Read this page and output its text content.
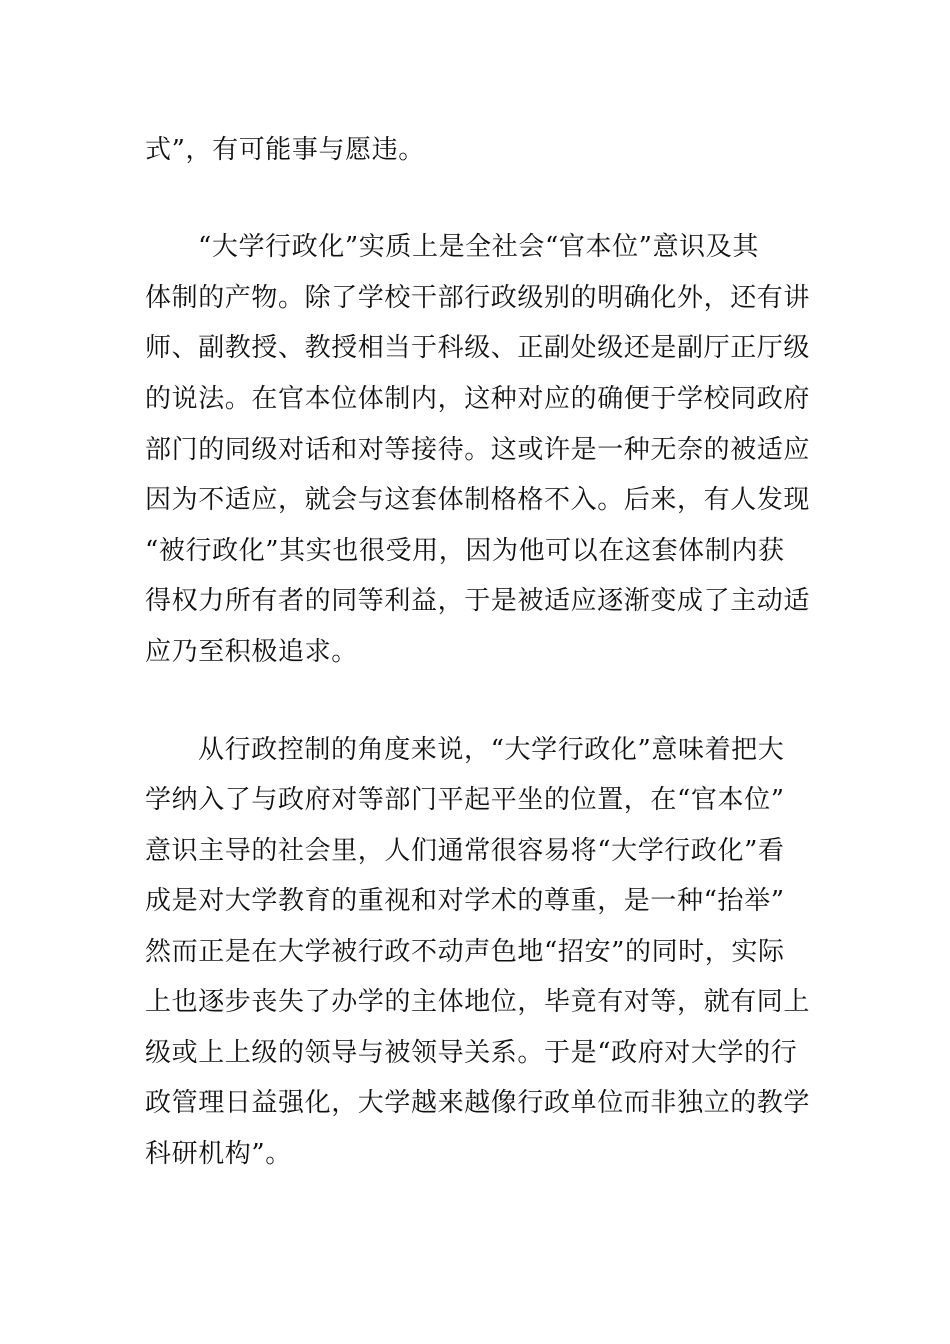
式”，有可能事与愿违。
“大学行政化”实质上是全社会“官本位”意识及其
体制的产物。除了学校干部行政级别的明确化外，还有讲
师、副教授、教授相当于科级、正副处级还是副厅正厅级
的说法。在官本位体制内，这种对应的确便于学校同政府
部门的同级对话和对等接待。这或许是一种无奈的被适应
因为不适应，就会与这套体制格格不入。后来，有人发现
“被行政化”其实也很受用，因为他可以在这套体制内获
得权力所有者的同等利益，于是被适应逐渐变成了主动适
应乃至积极追求。
从行政控制的角度来说，“大学行政化”意味着把大
学纳入了与政府对等部门平起平坐的位置，在“官本位”
意识主导的社会里，人们通常很容易将“大学行政化”看
成是对大学教育的重视和对学术的尊重，是一种“抬举”
然而正是在大学被行政不动声色地“招安”的同时，实际
上也逐步丧失了办学的主体地位，毕竟有对等，就有同上
级或上上级的领导与被领导关系。于是“政府对大学的行
政管理日益强化，大学越来越像行政单位而非独立的教学
科研机构”。
